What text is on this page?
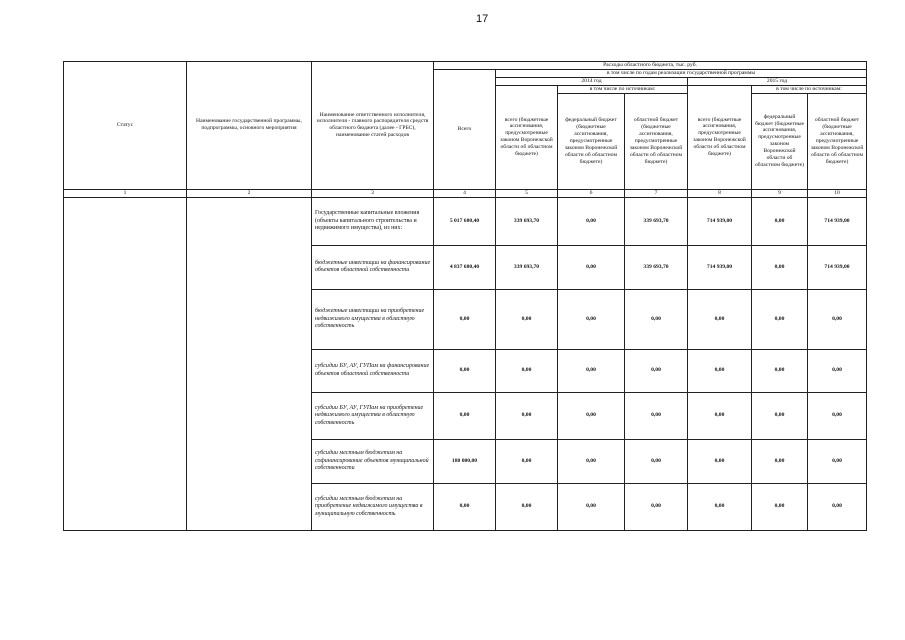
17
Статус	Наименование государственной программы, подпрограммы, основного мероприятия	Наименование ответственного исполнителя, исполнителя - главного распорядителя средств областного бюджета (далее - ГРБС), наименование статей расходов	Расходы областного бюджета, тыс. руб.						
			Всего	в том числе по годам реализации государственной программы					
				2014 год			2015 год		
				всего (бюджетные ассигнования, предусмотренные законом Воронежской области об областном бюджете)	в том числе по источникам:		всего (бюджетные ассигнования, предусмотренные законом Воронежской области об областном бюджете)	в том числе по источникам:	
					федеральный бюджет (бюджетные ассигнования, предусмотренные законом Воронежской области об областном бюджете)	областной бюджет (бюджетные ассигнования, предусмотренные законом Воронежской области об областном бюджете)		федеральный бюджет (бюджетные ассигнования, предусмотренные законом Воронежской области об областном бюджете)	областной бюджет (бюджетные ассигнования, предусмотренные законом Воронежской области об областном бюджете)
1	2	3	4	5	6	7	8	9	10
		Государственные капитальные вложения (объекты капитального строительства и недвижимого имущества), из них:	5 017 680,40	339 693,70	0,00	339 693,70	714 939,00	0,00	714 939,00
		бюджетные инвестиции на финансирование объектов областной собственности	4 837 680,40	339 693,70	0,00	339 693,70	714 939,00	0,00	714 939,00
		бюджетные инвестиции на приобретение недвижимого имущества в областную собственность	0,00	0,00	0,00	0,00	0,00	0,00	0,00
		субсидии БУ, АУ, ГУПам на финансирование объектов областной собственности	0,00	0,00	0,00	0,00	0,00	0,00	0,00
		субсидии БУ, АУ, ГУПам на приобретение недвижимого имущества в областную собственность	0,00	0,00	0,00	0,00	0,00	0,00	0,00
		субсидии местным бюджетам на софинансирование объектов муниципальной собственности	180 000,00	0,00	0,00	0,00	0,00	0,00	0,00
		субсидии местным бюджетам на приобретение недвижимого имущества в муниципальную собственность	0,00	0,00	0,00	0,00	0,00	0,00	0,00
